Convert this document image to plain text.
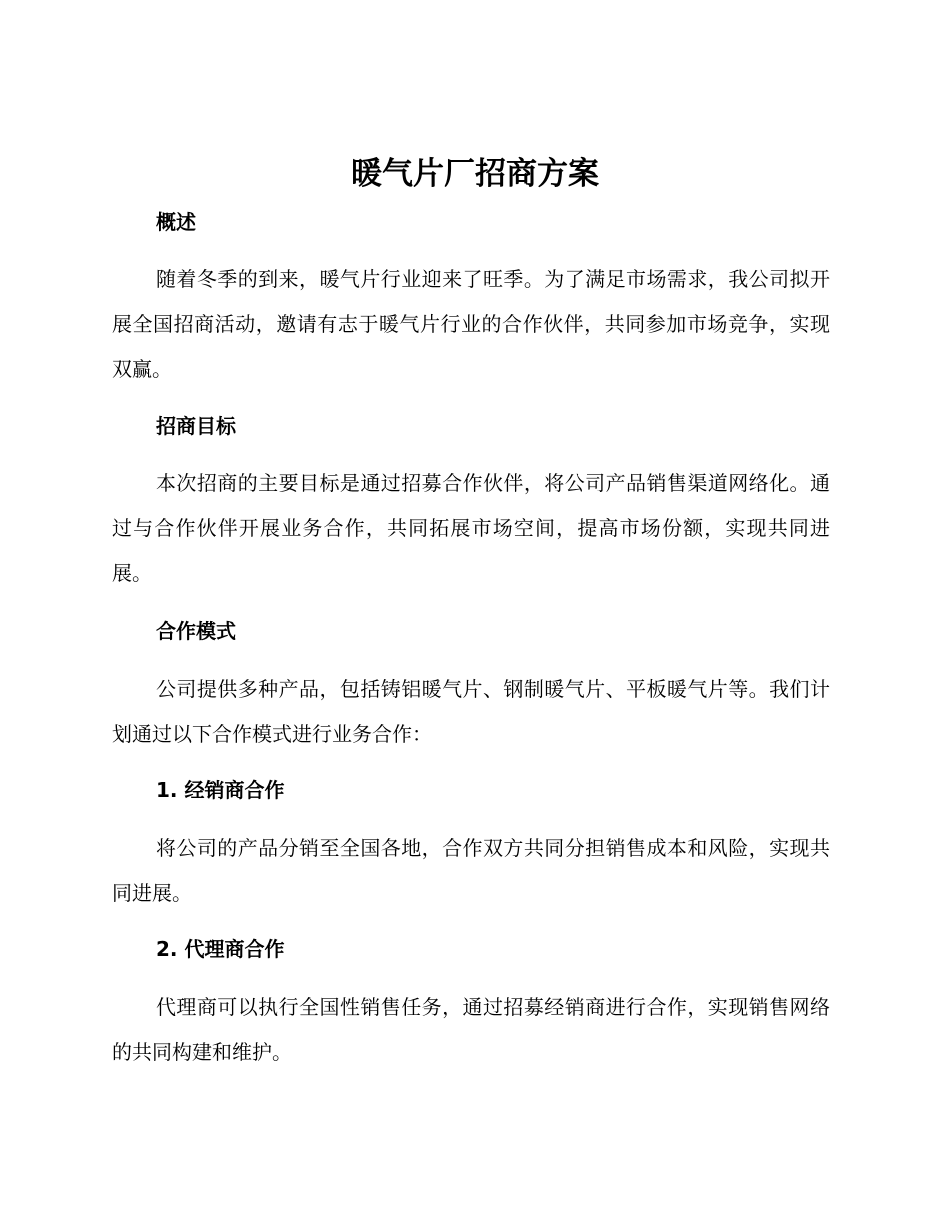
暖气片厂招商方案
概述

随着冬季的到来，暖气片行业迎来了旺季。为了满足市场需求，我公司拟开展全国招商活动，邀请有志于暖气片行业的合作伙伴，共同参加市场竞争，实现双赢。

招商目标

本次招商的主要目标是通过招募合作伙伴，将公司产品销售渠道网络化。通过与合作伙伴开展业务合作，共同拓展市场空间，提高市场份额，实现共同进展。

合作模式

公司提供多种产品，包括铸铝暖气片、钢制暖气片、平板暖气片等。我们计划通过以下合作模式进行业务合作：

1. 经销商合作

将公司的产品分销至全国各地，合作双方共同分担销售成本和风险，实现共同进展。

2. 代理商合作

代理商可以执行全国性销售任务，通过招募经销商进行合作，实现销售网络的共同构建和维护。
